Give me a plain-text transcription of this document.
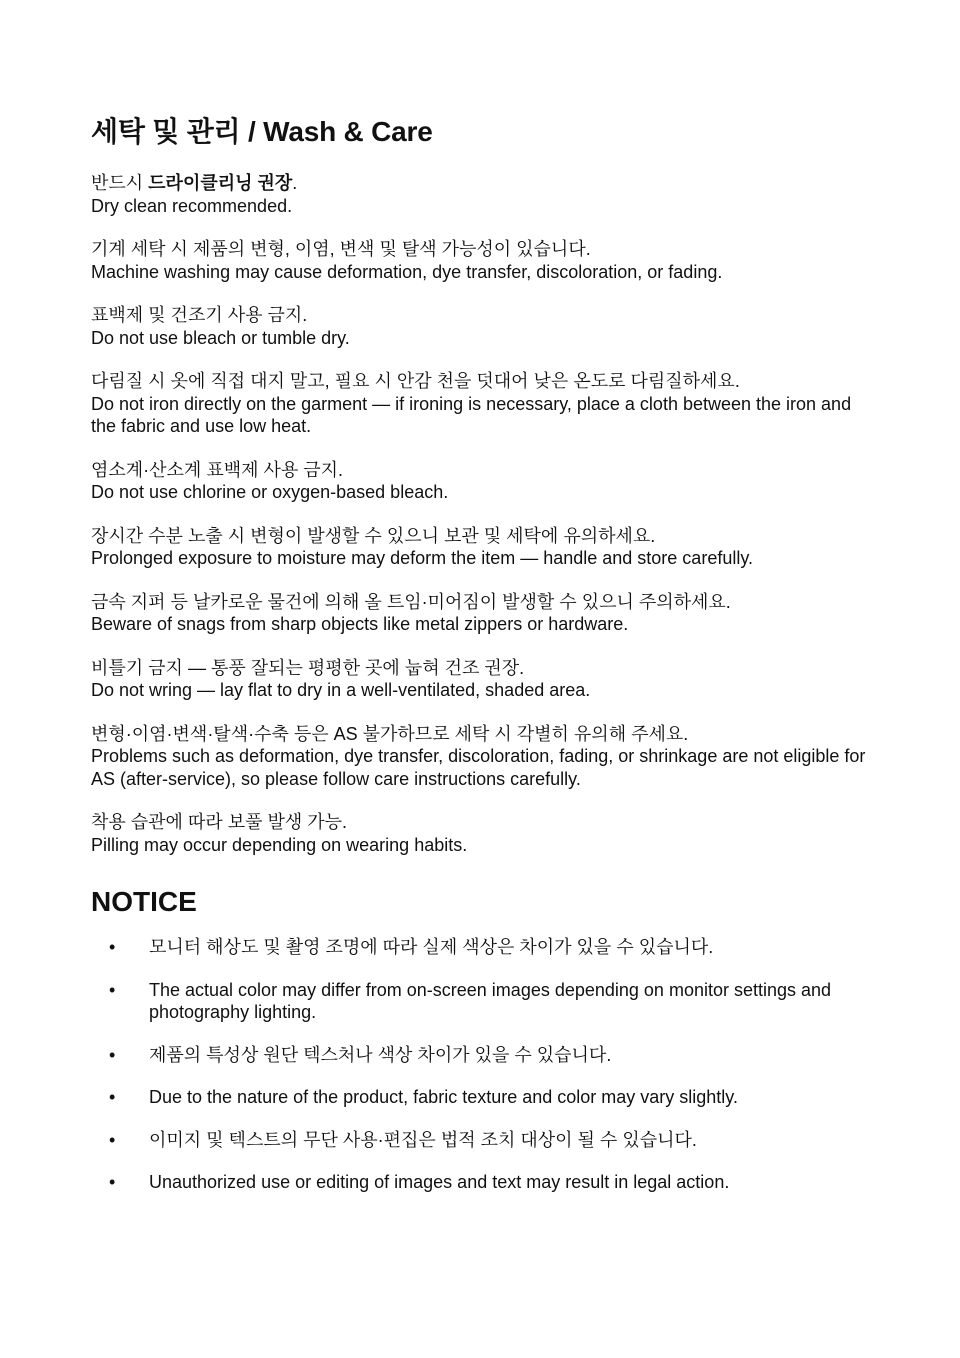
세탁 및 관리 / Wash & Care
반드시 드라이클리닝 권장.
Dry clean recommended.
기계 세탁 시 제품의 변형, 이염, 변색 및 탈색 가능성이 있습니다.
Machine washing may cause deformation, dye transfer, discoloration, or fading.
표백제 및 건조기 사용 금지.
Do not use bleach or tumble dry.
다림질 시 옷에 직접 대지 말고, 필요 시 안감 천을 덧대어 낮은 온도로 다림질하세요.
Do not iron directly on the garment — if ironing is necessary, place a cloth between the iron and the fabric and use low heat.
염소계·산소계 표백제 사용 금지.
Do not use chlorine or oxygen-based bleach.
장시간 수분 노출 시 변형이 발생할 수 있으니 보관 및 세탁에 유의하세요.
Prolonged exposure to moisture may deform the item — handle and store carefully.
금속 지퍼 등 날카로운 물건에 의해 올 트임·미어짐이 발생할 수 있으니 주의하세요.
Beware of snags from sharp objects like metal zippers or hardware.
비틀기 금지 — 통풍 잘되는 평평한 곳에 눕혀 건조 권장.
Do not wring — lay flat to dry in a well-ventilated, shaded area.
변형·이염·변색·탈색·수축 등은 AS 불가하므로 세탁 시 각별히 유의해 주세요.
Problems such as deformation, dye transfer, discoloration, fading, or shrinkage are not eligible for AS (after-service), so please follow care instructions carefully.
착용 습관에 따라 보풀 발생 가능.
Pilling may occur depending on wearing habits.
NOTICE
• 모니터 해상도 및 촬영 조명에 따라 실제 색상은 차이가 있을 수 있습니다.
• The actual color may differ from on-screen images depending on monitor settings and photography lighting.
• 제품의 특성상 원단 텍스처나 색상 차이가 있을 수 있습니다.
• Due to the nature of the product, fabric texture and color may vary slightly.
• 이미지 및 텍스트의 무단 사용·편집은 법적 조치 대상이 될 수 있습니다.
• Unauthorized use or editing of images and text may result in legal action.
